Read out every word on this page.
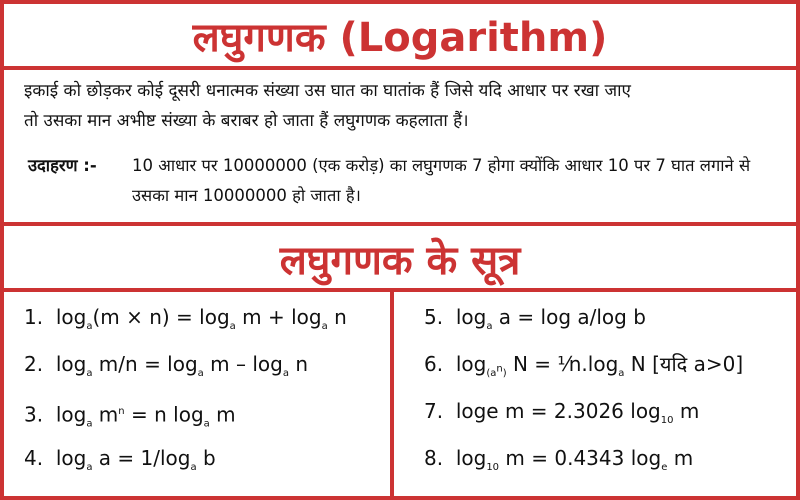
लघुगणक (Logarithm)
इकाई को छोड़कर कोई दूसरी धनात्मक संख्या उस घात का घातांक हैं जिसे यदि आधार पर रखा जाए
तो उसका मान अभीष्ट संख्या के बराबर हो जाता हैं लघुगणक कहलाता हैं।
उदाहरण :- 10 आधार पर 10000000 (एक करोड़) का लघुगणक 7 होगा क्योंकि आधार 10 पर 7 घात लगाने से उसका मान 10000000 हो जाता है।
लघुगणक के सूत्र
1. $\log_a(m \times n) = \log_a m + \log_a n$
2. $\log_a m/n = \log_a m - \log_a n$
3. $\log_a m^n = n$ $\log_a m$
4. $\log_a a = 1/\log_a$ b
5. $\log_a a = \log a/\log$ b
6. $\log_{(a^n)} N$ = $⅟n.\log_a$ N [यदि a>0]
7. loge m = 2.3026 $\log_{10} m$
8. $\log_{10} m = 0.4343$ $\log_e m$
